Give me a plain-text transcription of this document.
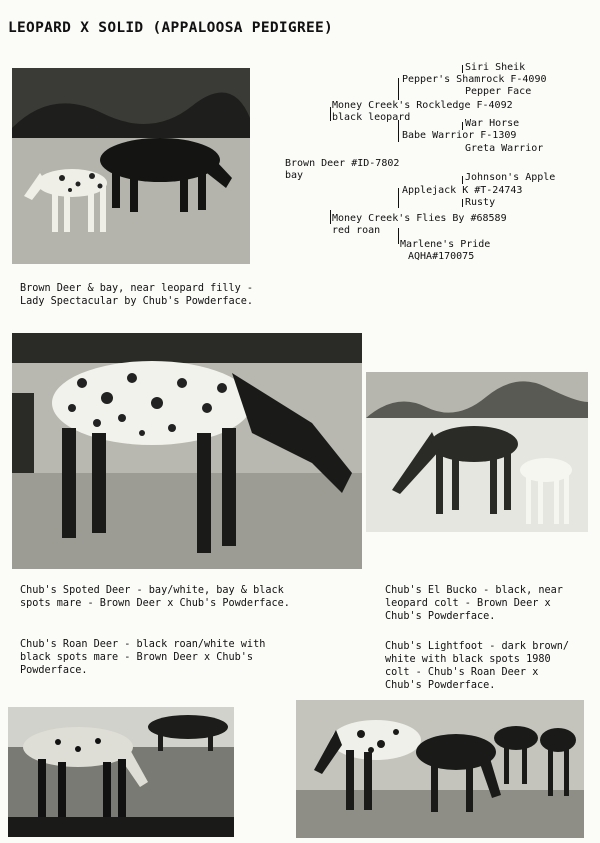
LEOPARD X SOLID (APPALOOSA PEDIGREE)
Siri Sheik
Pepper's Shamrock F-4090
Pepper Face
Money Creek's Rockledge F-4092
black leopard
War Horse
Babe Warrior F-1309
Greta Warrior
Brown Deer #ID-7802
bay	Johnson's Apple
Applejack K #T-24743
Rusty
Money Creek's Flies By #68589
red roan
Marlene's Pride
AQHA#170075
Brown Deer & bay, near leopard filly -
Lady Spectacular by Chub's Powderface.
Chub's Spoted Deer - bay/white, bay & black
spots mare - Brown Deer x Chub's Powderface.
Chub's El Bucko - black, near
leopard colt - Brown Deer x
Chub's Powderface.
Chub's Roan Deer - black roan/white with
black spots mare - Brown Deer x Chub's
Powderface.
Chub's Lightfoot - dark brown/
white with black spots 1980
colt - Chub's Roan Deer x
Chub's Powderface.
